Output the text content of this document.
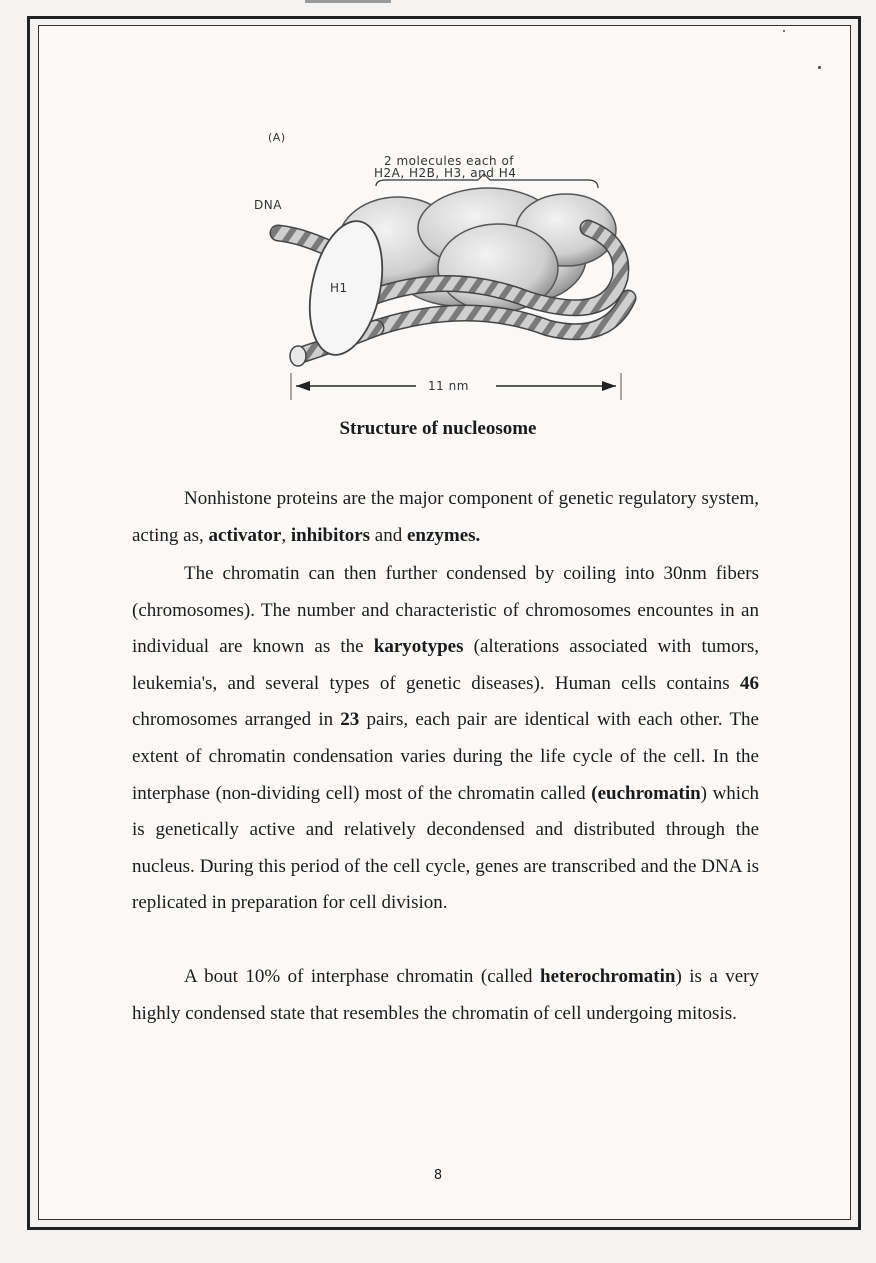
(A)
2 molecules each of
H2A, H2B, H3, and H4
DNA
H1
11 nm
Structure of nucleosome

Nonhistone proteins are the major component of genetic regulatory system, acting as, activator, inhibitors and enzymes.

The chromatin can then further condensed by coiling into 30nm fibers (chromosomes). The number and characteristic of chromosomes encountes in an individual are known as the karyotypes (alterations associated with tumors, leukemia's, and several types of genetic diseases). Human cells contains 46 chromosomes arranged in 23 pairs, each pair are identical with each other. The extent of chromatin condensation varies during the life cycle of the cell. In the interphase (non-dividing cell) most of the chromatin called (euchromatin) which is genetically active and relatively decondensed and distributed through the nucleus. During this period of the cell cycle, genes are transcribed and the DNA is replicated in preparation for cell division.

A bout 10% of interphase chromatin (called heterochromatin) is a very highly condensed state that resembles the chromatin of cell undergoing mitosis.

8
